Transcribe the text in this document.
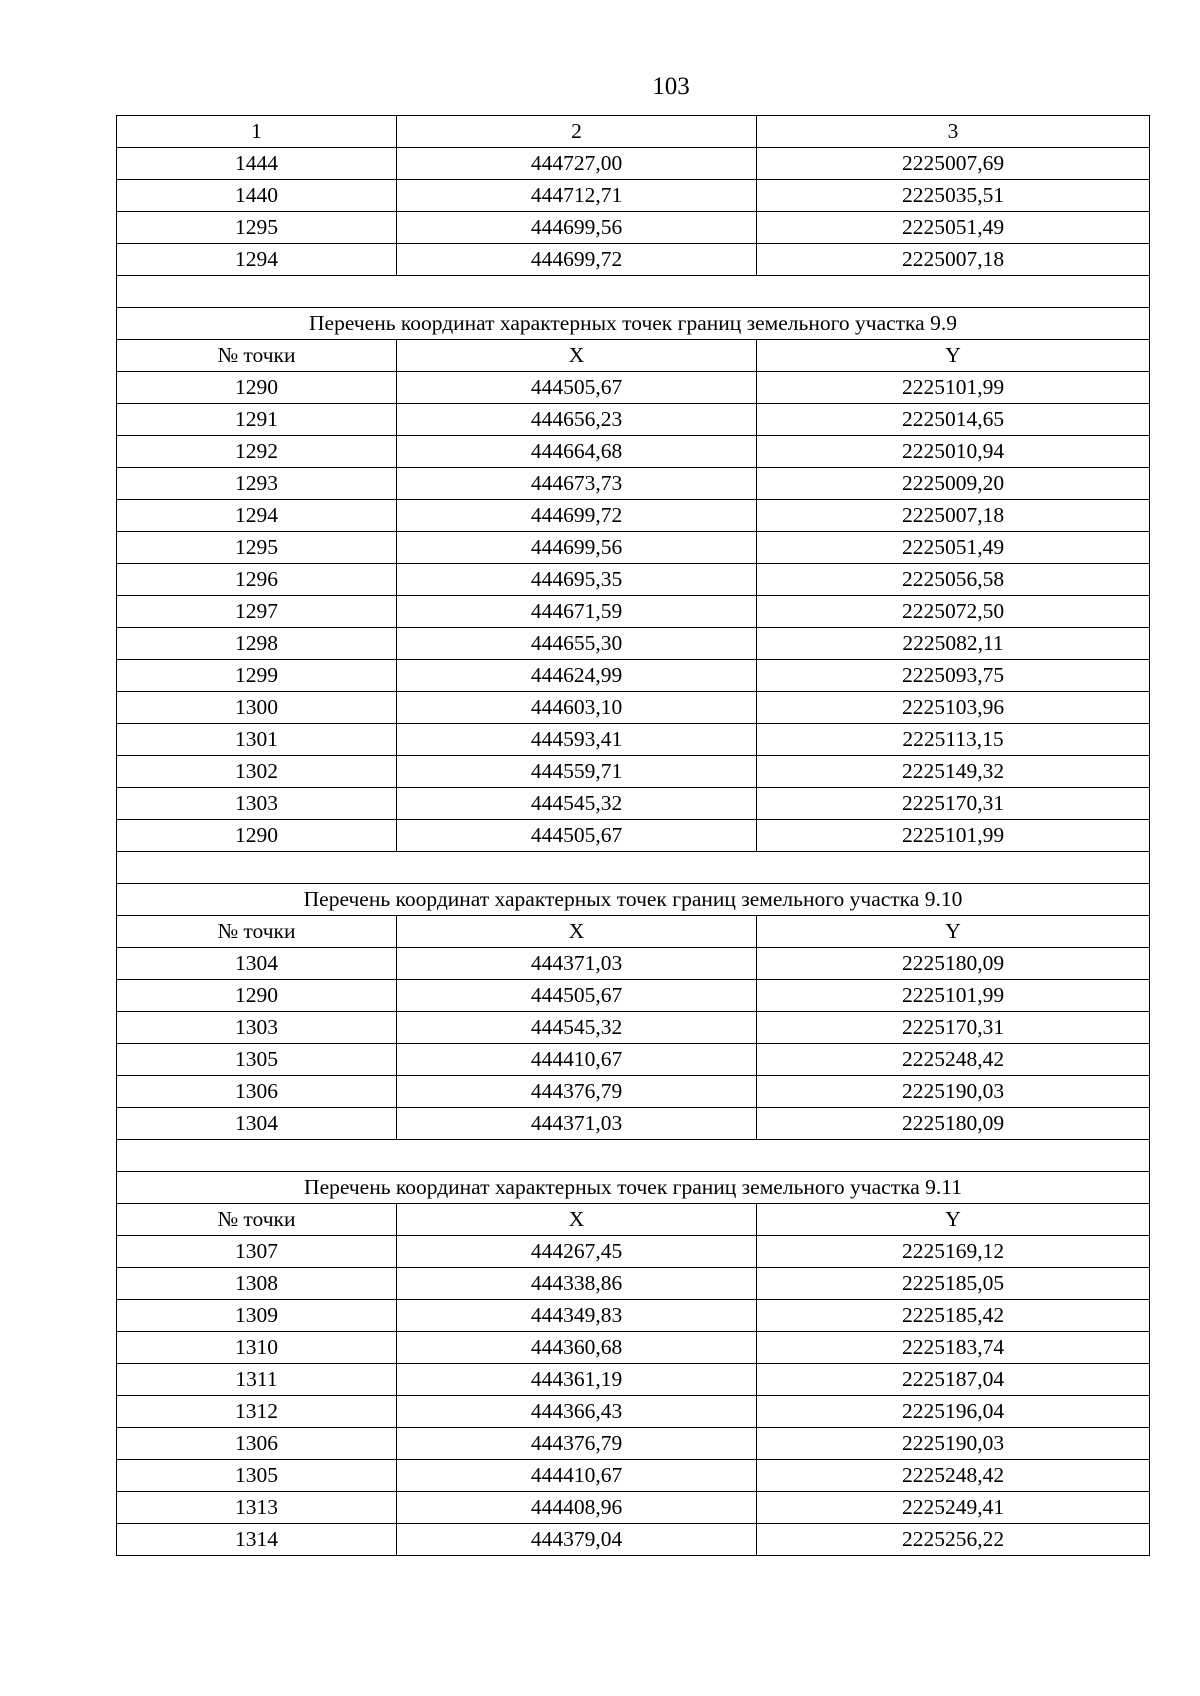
103
1	2	3
1444	444727,00	2225007,69
1440	444712,71	2225035,51
1295	444699,56	2225051,49
1294	444699,72	2225007,18

Перечень координат характерных точек границ земельного участка 9.9		
№ точки	X	Y
1290	444505,67	2225101,99
1291	444656,23	2225014,65
1292	444664,68	2225010,94
1293	444673,73	2225009,20
1294	444699,72	2225007,18
1295	444699,56	2225051,49
1296	444695,35	2225056,58
1297	444671,59	2225072,50
1298	444655,30	2225082,11
1299	444624,99	2225093,75
1300	444603,10	2225103,96
1301	444593,41	2225113,15
1302	444559,71	2225149,32
1303	444545,32	2225170,31
1290	444505,67	2225101,99

Перечень координат характерных точек границ земельного участка 9.10		
№ точки	X	Y
1304	444371,03	2225180,09
1290	444505,67	2225101,99
1303	444545,32	2225170,31
1305	444410,67	2225248,42
1306	444376,79	2225190,03
1304	444371,03	2225180,09

Перечень координат характерных точек границ земельного участка 9.11		
№ точки	X	Y
1307	444267,45	2225169,12
1308	444338,86	2225185,05
1309	444349,83	2225185,42
1310	444360,68	2225183,74
1311	444361,19	2225187,04
1312	444366,43	2225196,04
1306	444376,79	2225190,03
1305	444410,67	2225248,42
1313	444408,96	2225249,41
1314	444379,04	2225256,22
